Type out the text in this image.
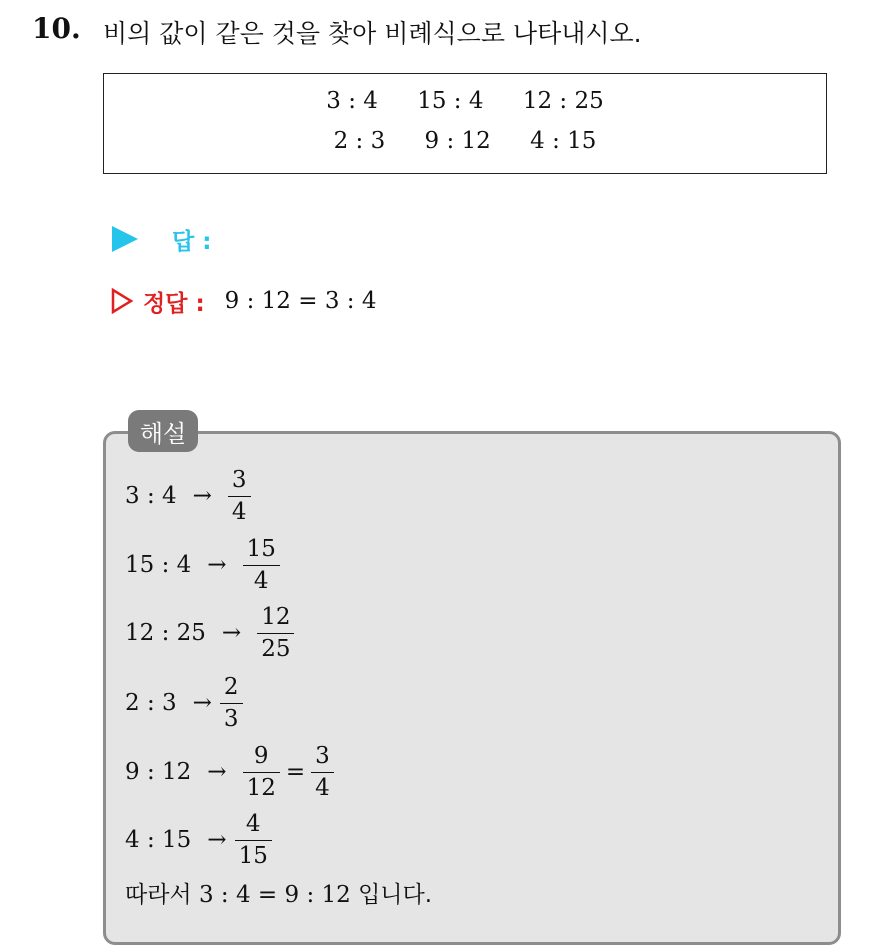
10. 비의 값이 같은 것을 찾아 비례식으로 나타내시오.
3 : 4 15 : 4 12 : 25
2 : 3 9 : 12 4 : 15
답 :
정답 : 9 : 12 = 3 : 4
해설
3 : $4 \to \frac{3}{4}$
15 : $4 \to \frac{15}{4}$
12 : $25 \to \frac{12}{25}$
2 : $3 \to \frac{2}{3}$
9 : $12 \to \frac{9}{12} = \frac{3}{4}$
4 : $15 \to \frac{4}{15}$
따라서 3 : 4 = 9 : 12 입니다.
